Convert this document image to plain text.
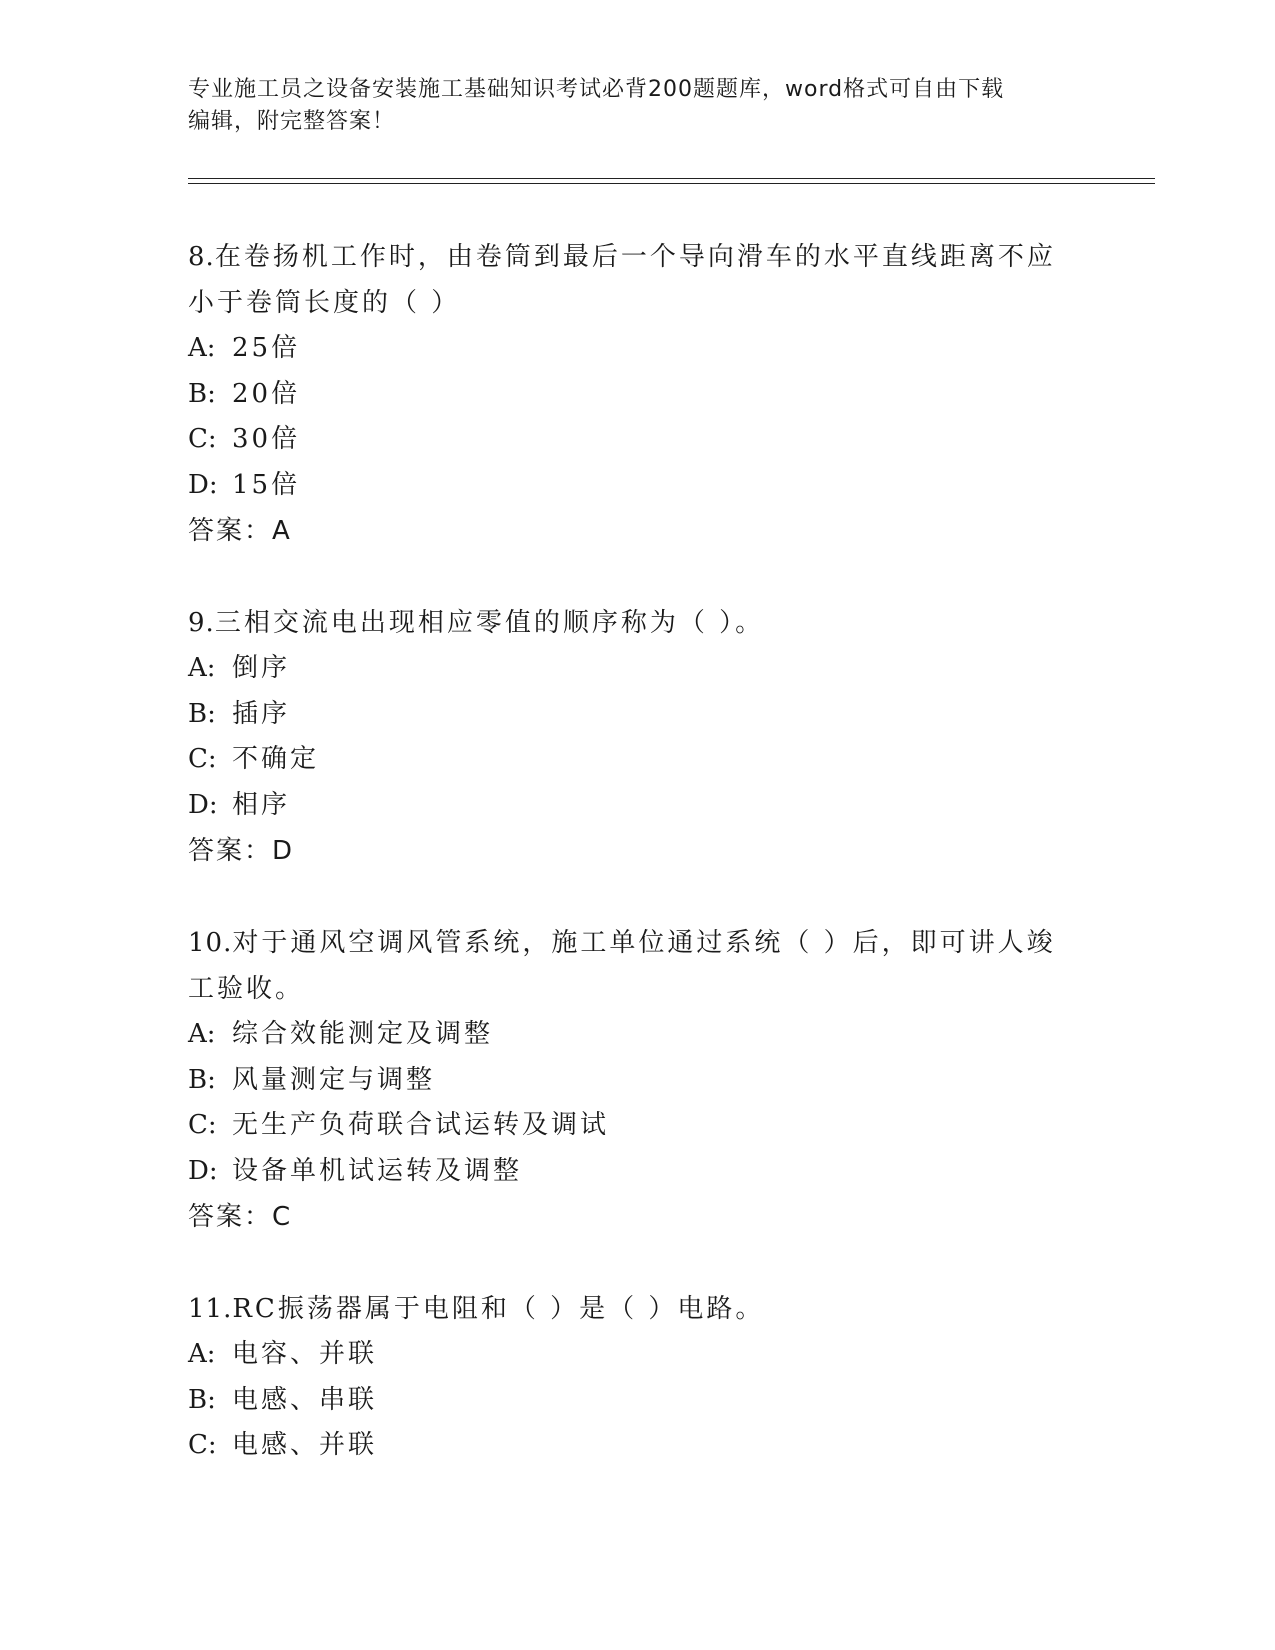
专业施工员之设备安装施工基础知识考试必背200题题库，word格式可自由下载
编辑，附完整答案！

8.在卷扬机工作时，由卷筒到最后一个导向滑车的水平直线距离不应

小于卷筒长度的（ ）

A: 25倍

B: 20倍

C: 30倍

D: 15倍

答案：A

9.三相交流电出现相应零值的顺序称为（ ）。

A: 倒序

B: 插序

C: 不确定

D: 相序

答案：D

10.对于通风空调风管系统，施工单位通过系统（ ）后，即可讲人竣

工验收。

A: 综合效能测定及调整

B: 风量测定与调整

C: 无生产负荷联合试运转及调试

D: 设备单机试运转及调整

答案：C

11.RC振荡器属于电阻和（ ）是（ ）电路。

A: 电容、并联

B: 电感、串联

C: 电感、并联
